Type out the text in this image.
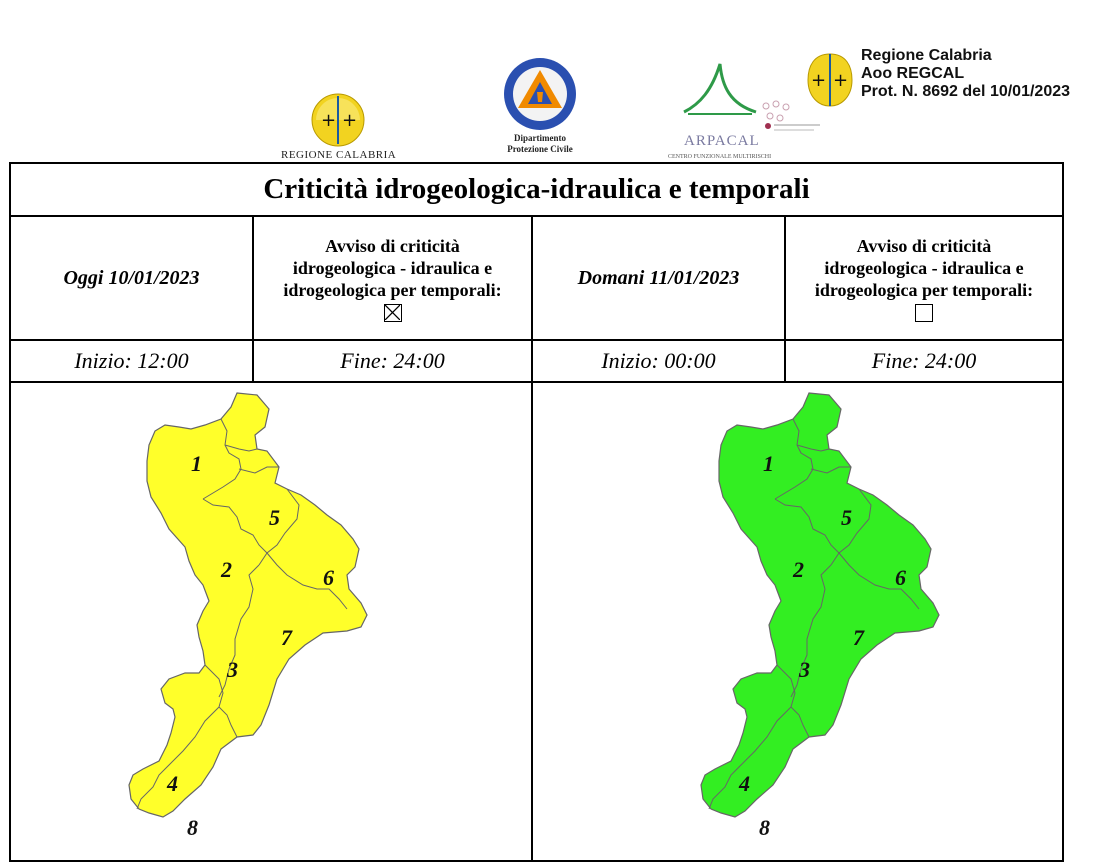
+ +
REGIONE CALABRIA
Dipartimento
Protezione Civile	ARPACAL
CENTRO FUNZIONALE MULTIRISCHI
+ +
Regione Calabria
Aoo REGCAL
Prot. N. 8692 del 10/01/2023
Criticità idrogeologica-idraulica e temporali
Oggi 10/01/2023
Avviso di criticità
idrogeologica - idraulica e
idrogeologica per temporali:
Domani 11/01/2023
Avviso di criticità
idrogeologica - idraulica e
idrogeologica per temporali:
Inizio: 12:00	Fine: 24:00	Inizio: 00:00	Fine: 24:00
1
5
2	6
7
3
4
8
1
5
2	6
7
3
4
8
